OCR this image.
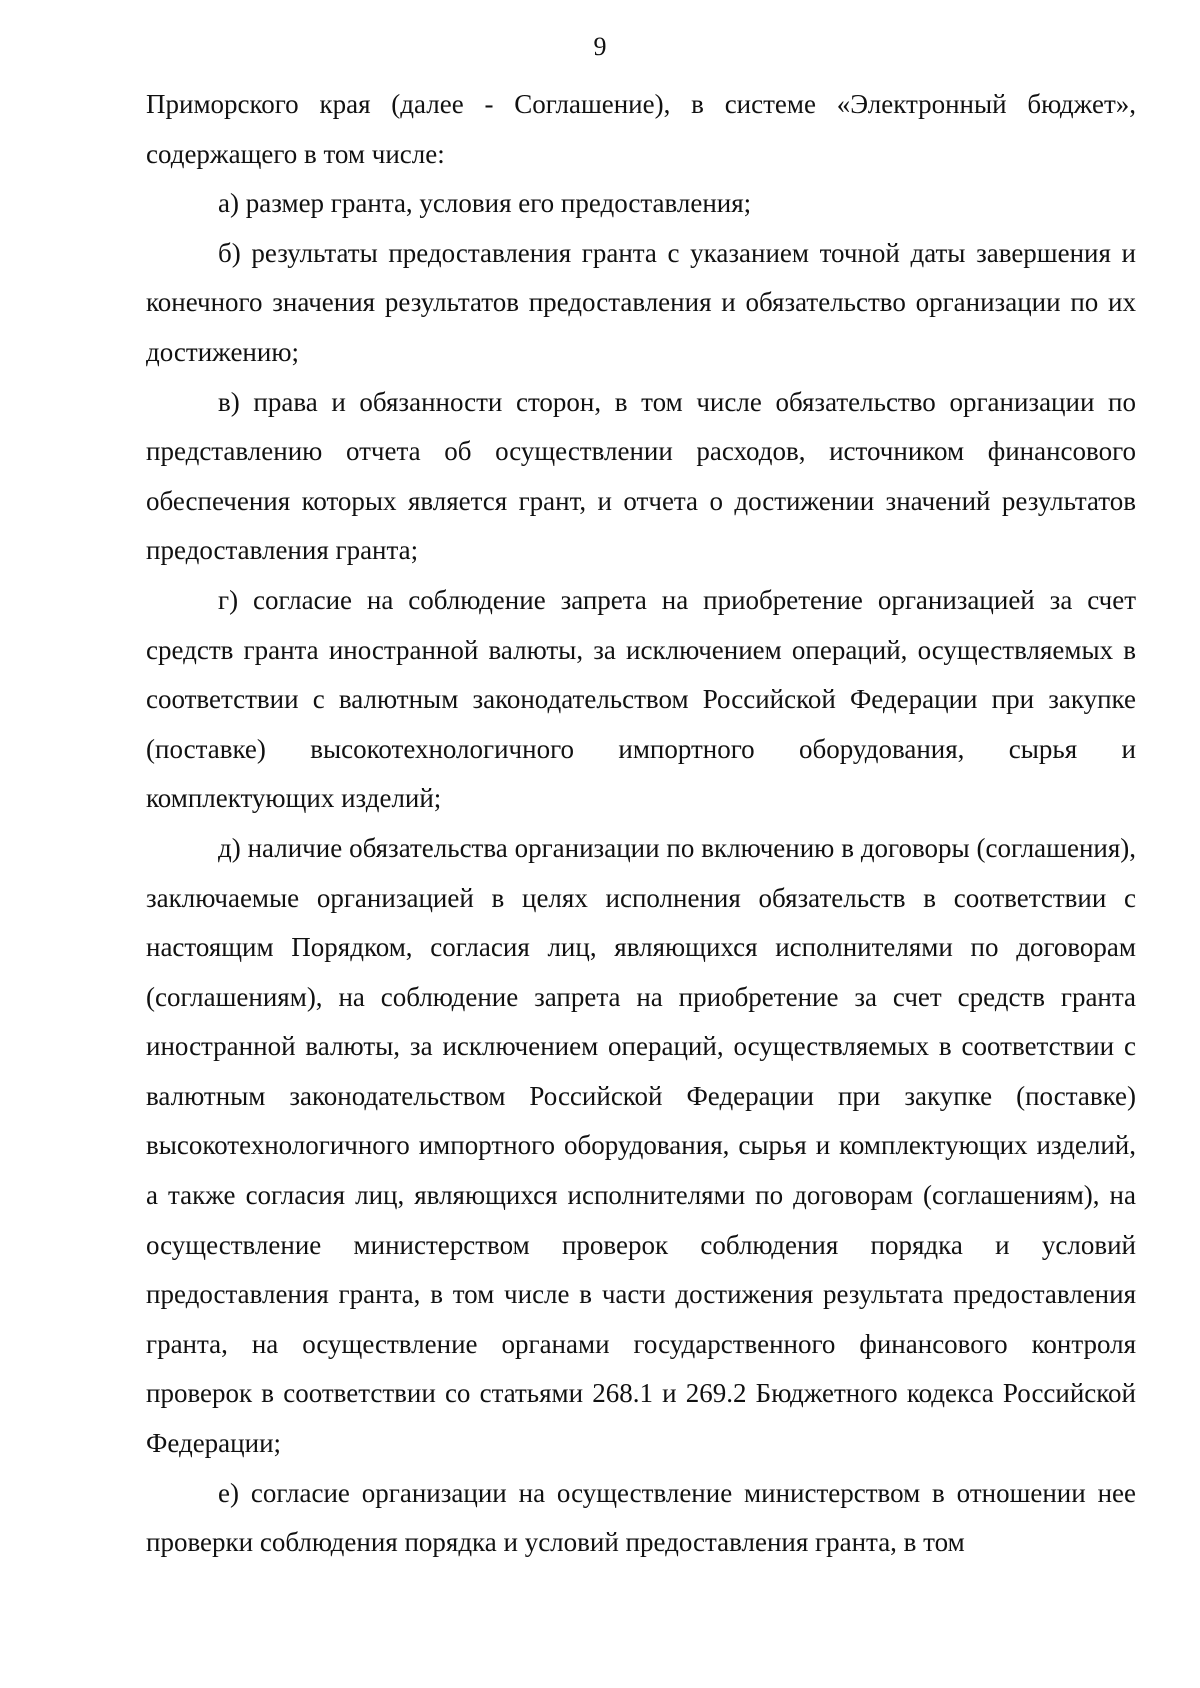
9

Приморского края (далее - Соглашение), в системе «Электронный бюджет», содержащего в том числе:

а) размер гранта, условия его предоставления;

б) результаты предоставления гранта с указанием точной даты завершения и конечного значения результатов предоставления и обязательство организации по их достижению;

в) права и обязанности сторон, в том числе обязательство организации по представлению отчета об осуществлении расходов, источником финансового обеспечения которых является грант, и отчета о достижении значений результатов предоставления гранта;

г) согласие на соблюдение запрета на приобретение организацией за счет средств гранта иностранной валюты, за исключением операций, осуществляемых в соответствии с валютным законодательством Российской Федерации при закупке (поставке) высокотехнологичного импортного оборудования, сырья и комплектующих изделий;

д) наличие обязательства организации по включению в договоры (соглашения), заключаемые организацией в целях исполнения обязательств в соответствии с настоящим Порядком, согласия лиц, являющихся исполнителями по договорам (соглашениям), на соблюдение запрета на приобретение за счет средств гранта иностранной валюты, за исключением операций, осуществляемых в соответствии с валютным законодательством Российской Федерации при закупке (поставке) высокотехнологичного импортного оборудования, сырья и комплектующих изделий, а также согласия лиц, являющихся исполнителями по договорам (соглашениям), на осуществление министерством проверок соблюдения порядка и условий предоставления гранта, в том числе в части достижения результата предоставления гранта, на осуществление органами государственного финансового контроля проверок в соответствии со статьями 268.1 и 269.2 Бюджетного кодекса Российской Федерации;

е) согласие организации на осуществление министерством в отношении нее проверки соблюдения порядка и условий предоставления гранта, в том
